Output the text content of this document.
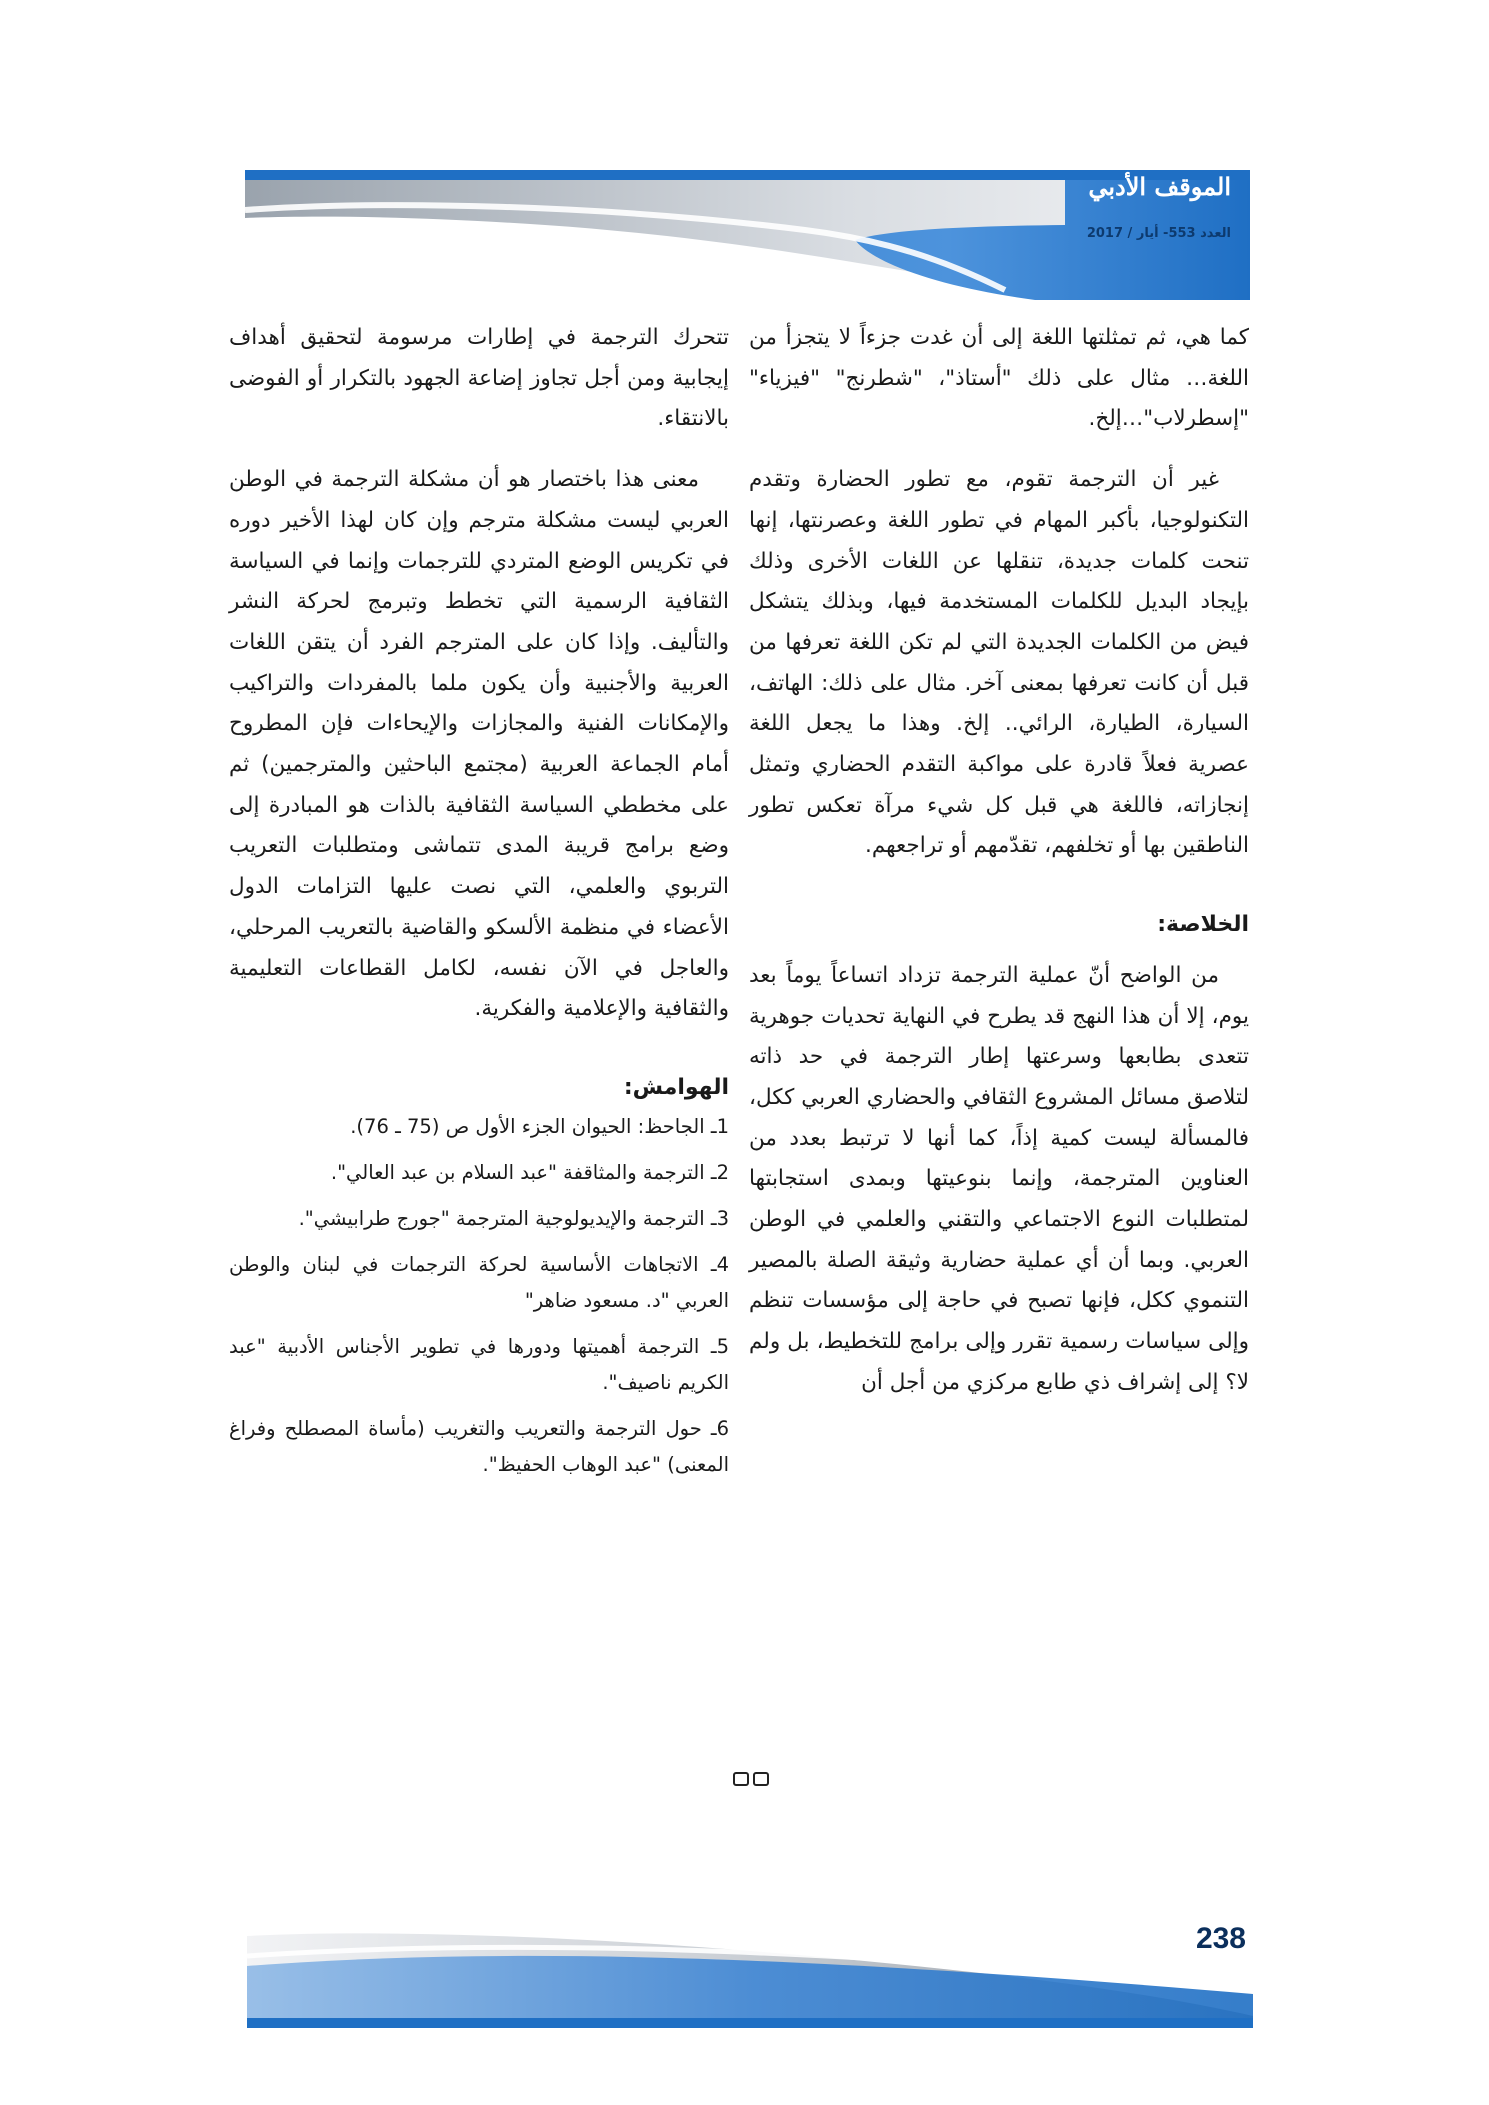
الموقف الأدبي
العدد 553- أيار / 2017

كما هي، ثم تمثلتها اللغة إلى أن غدت جزءاً لا يتجزأ من اللغة… مثال على ذلك "أستاذ"، "شطرنج" "فيزياء" "إسطرلاب"…إلخ.

غير أن الترجمة تقوم، مع تطور الحضارة وتقدم التكنولوجيا، بأكبر المهام في تطور اللغة وعصرنتها، إنها تنحت كلمات جديدة، تنقلها عن اللغات الأخرى وذلك بإيجاد البديل للكلمات المستخدمة فيها، وبذلك يتشكل فيض من الكلمات الجديدة التي لم تكن اللغة تعرفها من قبل أن كانت تعرفها بمعنى آخر. مثال على ذلك: الهاتف، السيارة، الطيارة، الرائي.. إلخ. وهذا ما يجعل اللغة عصرية فعلاً قادرة على مواكبة التقدم الحضاري وتمثل إنجازاته، فاللغة هي قبل كل شيء مرآة تعكس تطور الناطقين بها أو تخلفهم، تقدّمهم أو تراجعهم.

الخلاصة:

من الواضح أنّ عملية الترجمة تزداد اتساعاً يوماً بعد يوم، إلا أن هذا النهج قد يطرح في النهاية تحديات جوهرية تتعدى بطابعها وسرعتها إطار الترجمة في حد ذاته لتلاصق مسائل المشروع الثقافي والحضاري العربي ككل، فالمسألة ليست كمية إذاً، كما أنها لا ترتبط بعدد من العناوين المترجمة، وإنما بنوعيتها وبمدى استجابتها لمتطلبات النوع الاجتماعي والتقني والعلمي في الوطن العربي. وبما أن أي عملية حضارية وثيقة الصلة بالمصير التنموي ككل، فإنها تصبح في حاجة إلى مؤسسات تنظم وإلى سياسات رسمية تقرر وإلى برامج للتخطيط، بل ولم لا؟ إلى إشراف ذي طابع مركزي من أجل أن

تتحرك الترجمة في إطارات مرسومة لتحقيق أهداف إيجابية ومن أجل تجاوز إضاعة الجهود بالتكرار أو الفوضى بالانتقاء.

معنى هذا باختصار هو أن مشكلة الترجمة في الوطن العربي ليست مشكلة مترجم وإن كان لهذا الأخير دوره في تكريس الوضع المتردي للترجمات وإنما في السياسة الثقافية الرسمية التي تخطط وتبرمج لحركة النشر والتأليف. وإذا كان على المترجم الفرد أن يتقن اللغات العربية والأجنبية وأن يكون ملما بالمفردات والتراكيب والإمكانات الفنية والمجازات والإيحاءات فإن المطروح أمام الجماعة العربية (مجتمع الباحثين والمترجمين) ثم على مخططي السياسة الثقافية بالذات هو المبادرة إلى وضع برامج قريبة المدى تتماشى ومتطلبات التعريب التربوي والعلمي، التي نصت عليها التزامات الدول الأعضاء في منظمة الألسكو والقاضية بالتعريب المرحلي، والعاجل في الآن نفسه، لكامل القطاعات التعليمية والثقافية والإعلامية والفكرية.

الهوامش:

1ـ الجاحظ: الحيوان الجزء الأول ص (75 ـ 76).
2ـ الترجمة والمثاقفة "عبد السلام بن عبد العالي".
3ـ الترجمة والإيديولوجية المترجمة "جورج طرابيشي".
4ـ الاتجاهات الأساسية لحركة الترجمات في لبنان والوطن العربي "د. مسعود ضاهر"
5ـ الترجمة أهميتها ودورها في تطوير الأجناس الأدبية "عبد الكريم ناصيف".
6ـ حول الترجمة والتعريب والتغريب (مأساة المصطلح وفراغ المعنى) "عبد الوهاب الحفيظ".
238
